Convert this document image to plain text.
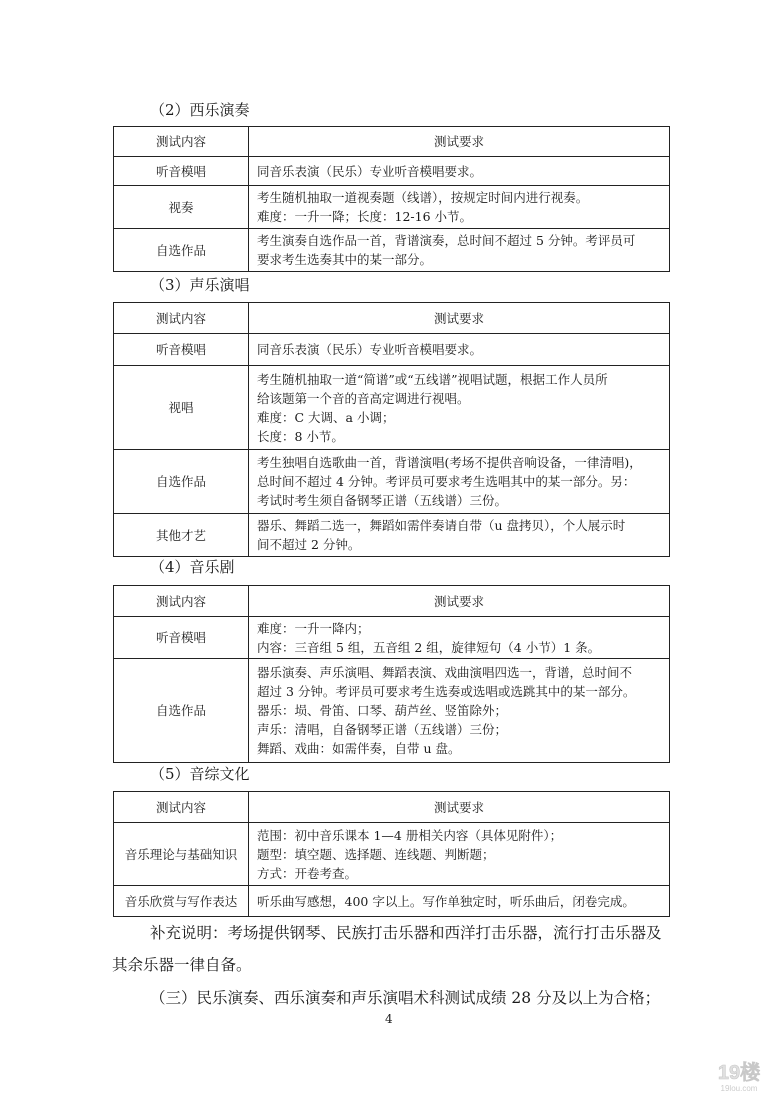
（2）西乐演奏
测试内容	测试要求
听音模唱	同音乐表演（民乐）专业听音模唱要求。

视奏	考生随机抽取一道视奏题（线谱），按规定时间内进行视奏。
难度：一升一降；长度：12-16 小节。

自选作品	考生演奏自选作品一首，背谱演奏，总时间不超过 5 分钟。考评员可
要求考生选奏其中的某一部分。
（3）声乐演唱
测试内容	测试要求
听音模唱	同音乐表演（民乐）专业听音模唱要求。

视唱	考生随机抽取一道“简谱”或“五线谱”视唱试题，根据工作人员所
给该题第一个音的音高定调进行视唱。
难度：C 大调、a 小调；
长度：8 小节。

自选作品	考生独唱自选歌曲一首，背谱演唱(考场不提供音响设备，一律清唱)，
总时间不超过 4 分钟。考评员可要求考生选唱其中的某一部分。另：
考试时考生须自备钢琴正谱（五线谱）三份。

其他才艺	器乐、舞蹈二选一，舞蹈如需伴奏请自带（u 盘拷贝），个人展示时
间不超过 2 分钟。
（4）音乐剧
测试内容	测试要求
听音模唱	难度：一升一降内；
内容：三音组 5 组，五音组 2 组，旋律短句（4 小节）1 条。

自选作品	器乐演奏、声乐演唱、舞蹈表演、戏曲演唱四选一，背谱，总时间不
超过 3 分钟。考评员可要求考生选奏或选唱或选跳其中的某一部分。
器乐：埙、骨笛、口琴、葫芦丝、竖笛除外；
声乐：清唱，自备钢琴正谱（五线谱）三份；
舞蹈、戏曲：如需伴奏，自带 u 盘。
（5）音综文化
测试内容	测试要求
音乐理论与基础知识	范围：初中音乐课本 1—4 册相关内容（具体见附件）；
题型：填空题、选择题、连线题、判断题；
方式：开卷考查。

音乐欣赏与写作表达	听乐曲写感想，400 字以上。写作单独定时，听乐曲后，闭卷完成。
补充说明：考场提供钢琴、民族打击乐器和西洋打击乐器，流行打击乐器及
其余乐器一律自备。
（三）民乐演奏、西乐演奏和声乐演唱术科测试成绩 28 分及以上为合格；
4
19楼
19lou.com
